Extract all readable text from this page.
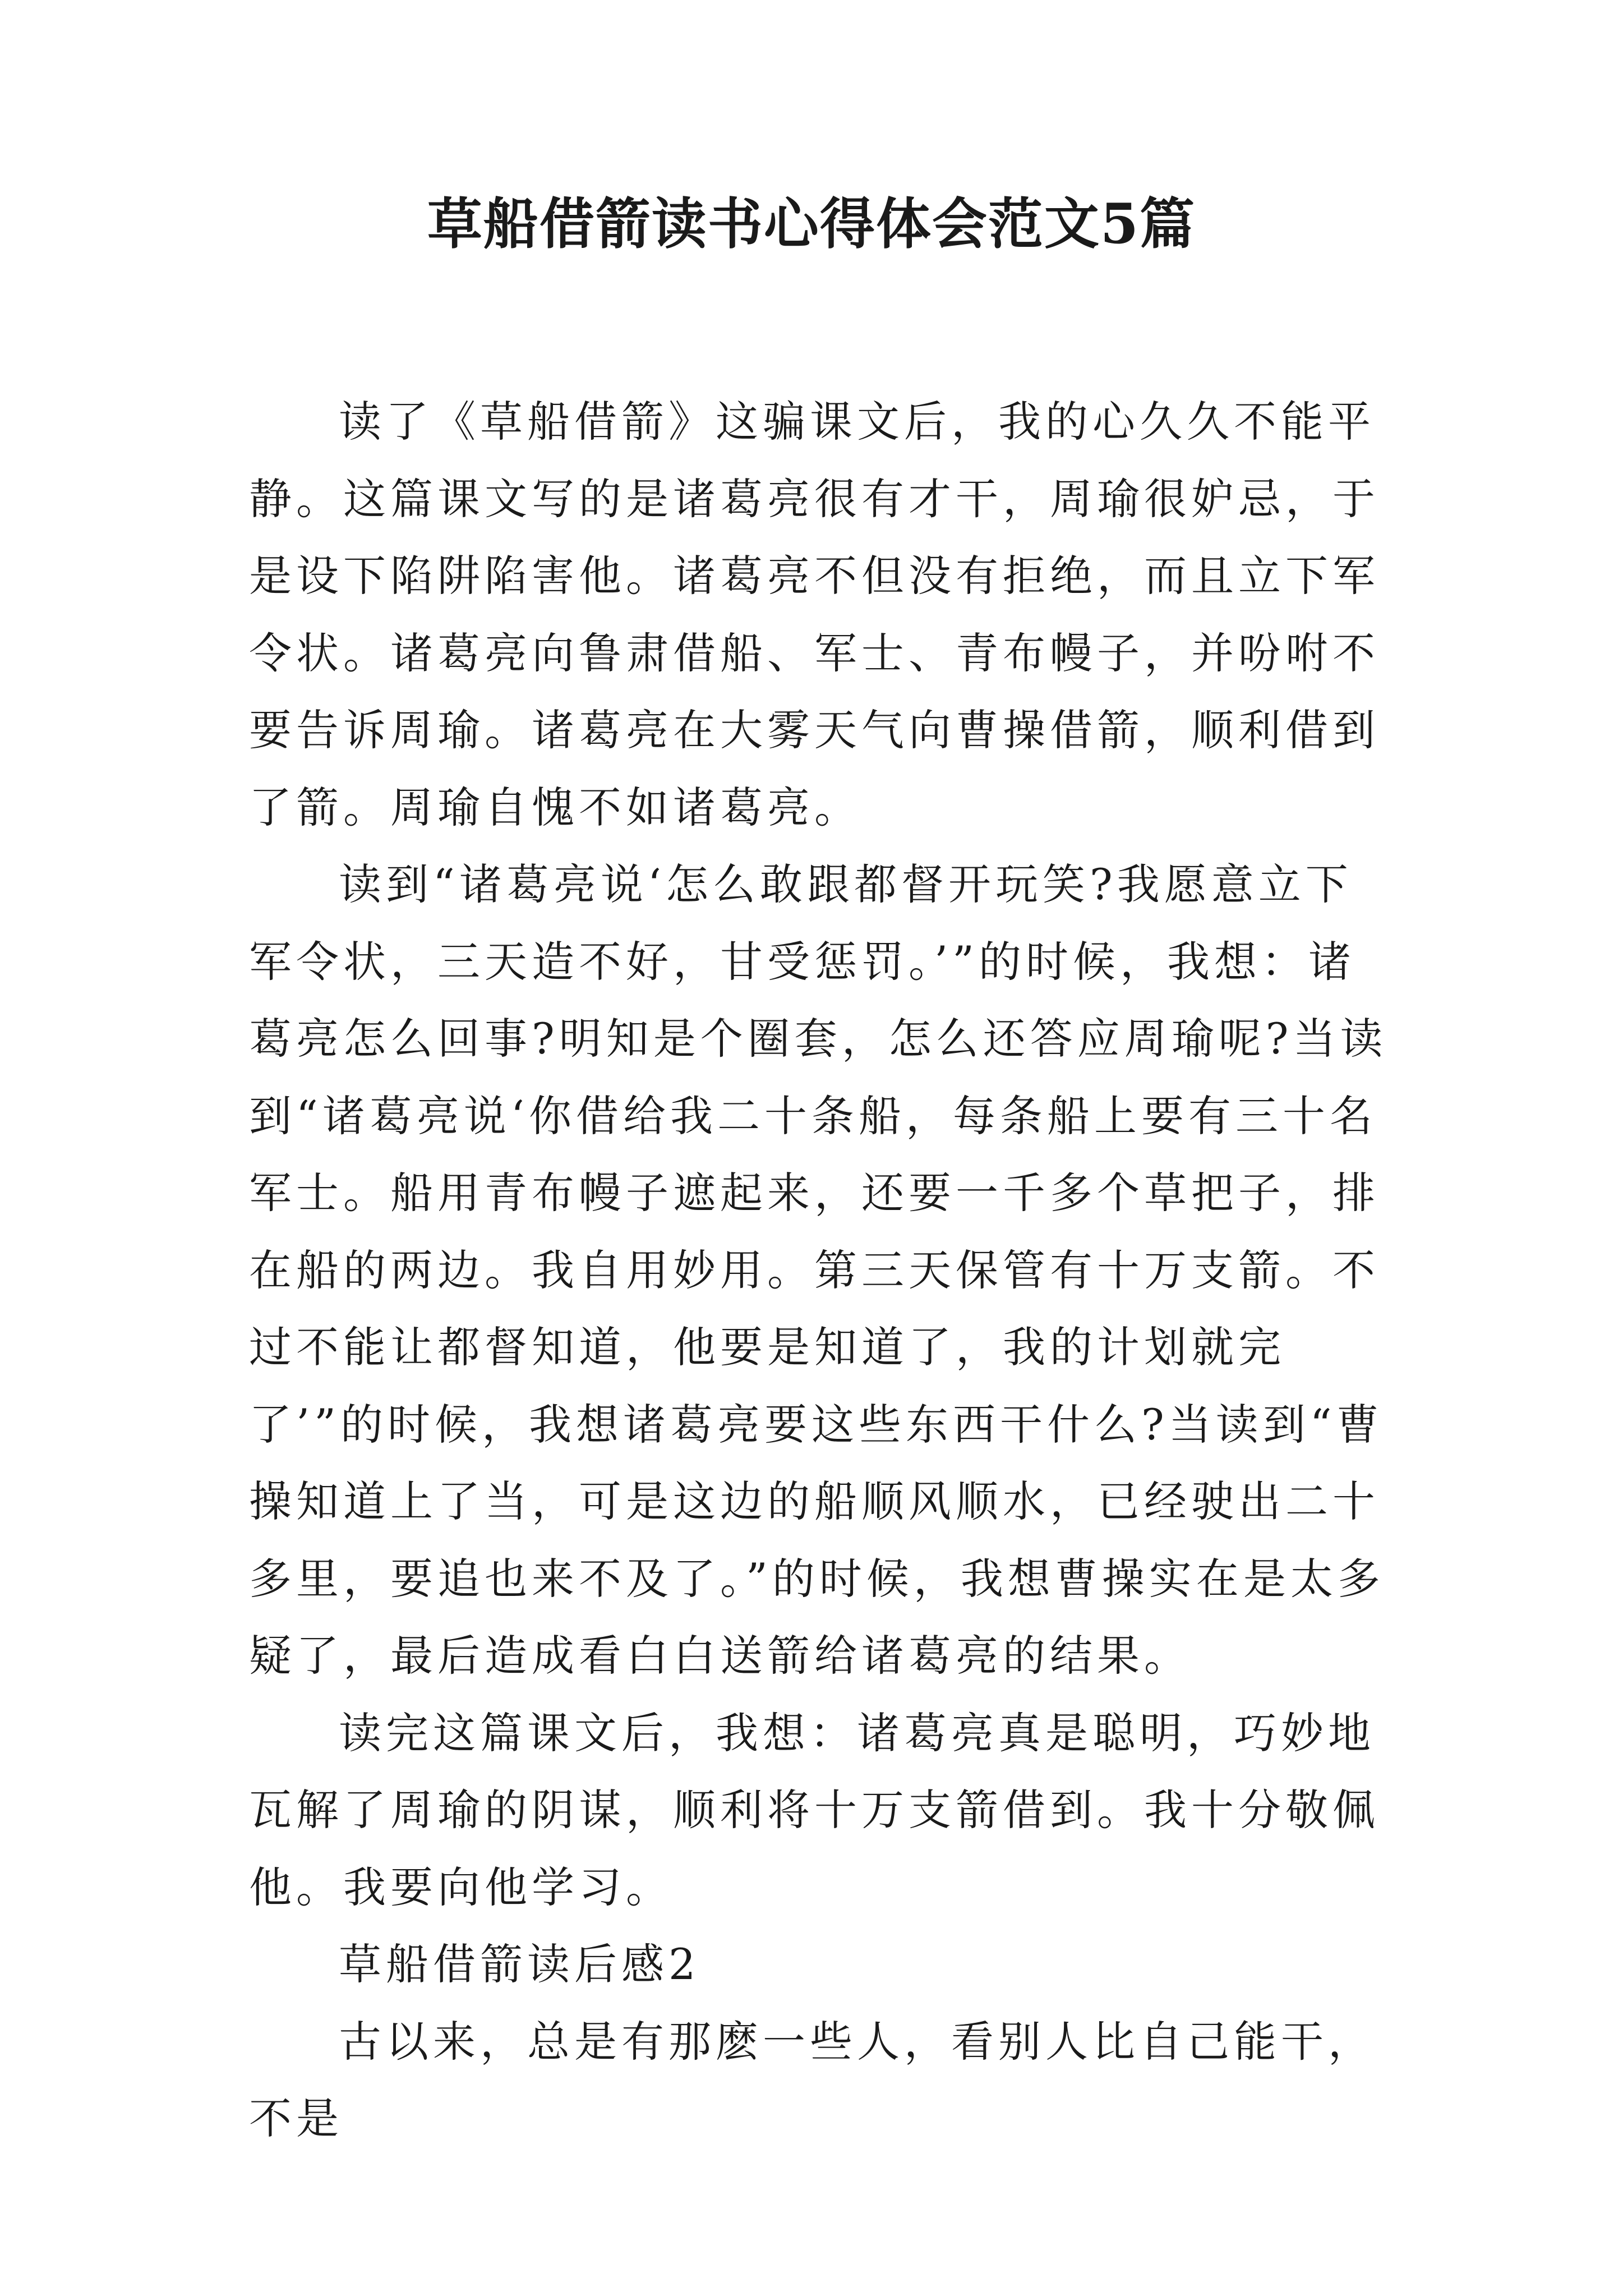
草船借箭读书心得体会范文5篇

读了《草船借箭》这骗课文后，我的心久久不能平静。这篇课文写的是诸葛亮很有才干，周瑜很妒忌，于是设下陷阱陷害他。诸葛亮不但没有拒绝，而且立下军令状。诸葛亮向鲁肃借船、军士、青布幔子，并吩咐不要告诉周瑜。诸葛亮在大雾天气向曹操借箭，顺利借到了箭。周瑜自愧不如诸葛亮。

读到“诸葛亮说‘怎么敢跟都督开玩笑?我愿意立下军令状，三天造不好，甘受惩罚。’”的时候，我想：诸葛亮怎么回事?明知是个圈套，怎么还答应周瑜呢?当读到“诸葛亮说‘你借给我二十条船，每条船上要有三十名军士。船用青布幔子遮起来，还要一千多个草把子，排在船的两边。我自用妙用。第三天保管有十万支箭。不过不能让都督知道，他要是知道了，我的计划就完了’”的时候，我想诸葛亮要这些东西干什么?当读到“曹操知道上了当，可是这边的船顺风顺水，已经驶出二十多里，要追也来不及了。”的时候，我想曹操实在是太多疑了，最后造成看白白送箭给诸葛亮的结果。

读完这篇课文后，我想：诸葛亮真是聪明，巧妙地瓦解了周瑜的阴谋，顺利将十万支箭借到。我十分敬佩他。我要向他学习。

草船借箭读后感2

古以来，总是有那麽一些人，看别人比自己能干，不是
